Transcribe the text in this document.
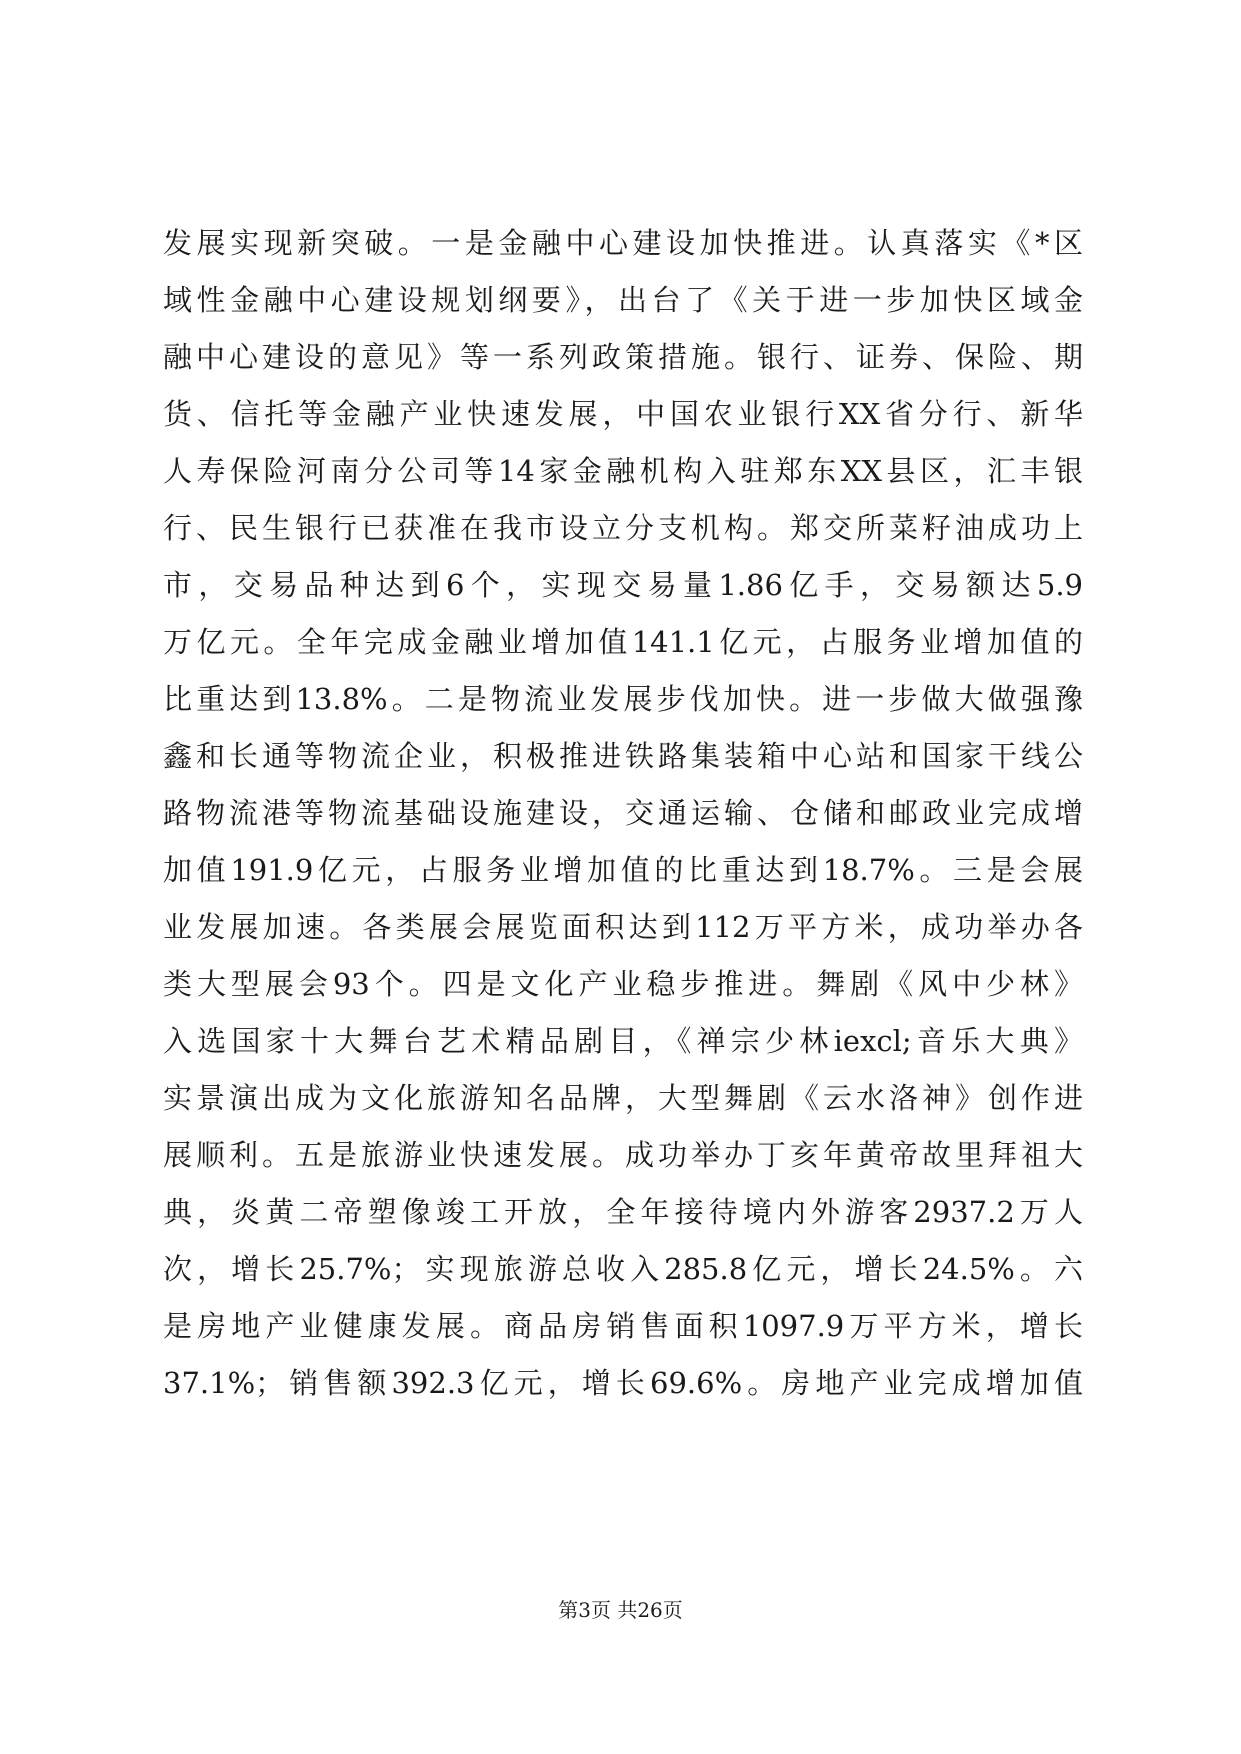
发展实现新突破。一是金融中心建设加快推进。认真落实《*区
域性金融中心建设规划纲要》，出台了《关于进一步加快区域金
融中心建设的意见》等一系列政策措施。银行、证券、保险、期
货、信托等金融产业快速发展，中国农业银行XX省分行、新华
人寿保险河南分公司等14家金融机构入驻郑东XX县区，汇丰银
行、民生银行已获准在我市设立分支机构。郑交所菜籽油成功上
市，交易品种达到6个，实现交易量1.86亿手，交易额达5.9
万亿元。全年完成金融业增加值141.1亿元，占服务业增加值的
比重达到13.8%。二是物流业发展步伐加快。进一步做大做强豫
鑫和长通等物流企业，积极推进铁路集装箱中心站和国家干线公
路物流港等物流基础设施建设，交通运输、仓储和邮政业完成增
加值191.9亿元，占服务业增加值的比重达到18.7%。三是会展
业发展加速。各类展会展览面积达到112万平方米，成功举办各
类大型展会93个。四是文化产业稳步推进。舞剧《风中少林》
入选国家十大舞台艺术精品剧目，《禅宗少林iexcl;音乐大典》
实景演出成为文化旅游知名品牌，大型舞剧《云水洛神》创作进
展顺利。五是旅游业快速发展。成功举办丁亥年黄帝故里拜祖大
典，炎黄二帝塑像竣工开放，全年接待境内外游客2937.2万人
次，增长25.7%；实现旅游总收入285.8亿元，增长24.5%。六
是房地产业健康发展。商品房销售面积1097.9万平方米，增长
37.1%；销售额392.3亿元，增长69.6%。房地产业完成增加值
第3页 共26页
